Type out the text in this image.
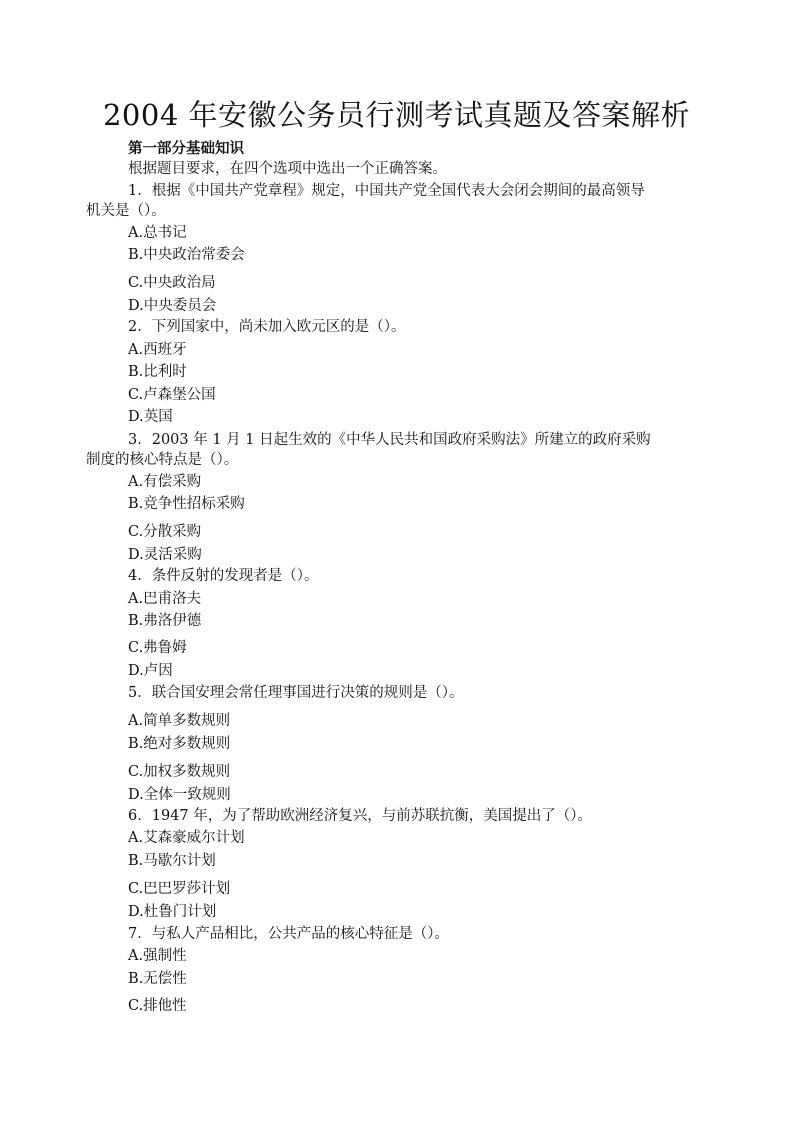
2004 年安徽公务员行测考试真题及答案解析
第一部分基础知识
根据题目要求，在四个选项中选出一个正确答案。
1．根据《中国共产党章程》规定，中国共产党全国代表大会闭会期间的最高领导
机关是（）。
A.总书记
B.中央政治常委会
C.中央政治局
D.中央委员会
2．下列国家中，尚未加入欧元区的是（）。
A.西班牙
B.比利时
C.卢森堡公国
D.英国
3．2003 年 1 月 1 日起生效的《中华人民共和国政府采购法》所建立的政府采购
制度的核心特点是（）。
A.有偿采购
B.竞争性招标采购
C.分散采购
D.灵活采购
4．条件反射的发现者是（）。
A.巴甫洛夫
B.弗洛伊德
C.弗鲁姆
D.卢因
5．联合国安理会常任理事国进行决策的规则是（）。
A.简单多数规则
B.绝对多数规则
C.加权多数规则
D.全体一致规则
6．1947 年，为了帮助欧洲经济复兴，与前苏联抗衡，美国提出了（）。
A.艾森豪威尔计划
B.马歇尔计划
C.巴巴罗莎计划
D.杜鲁门计划
7．与私人产品相比，公共产品的核心特征是（）。
A.强制性
B.无偿性
C.排他性
